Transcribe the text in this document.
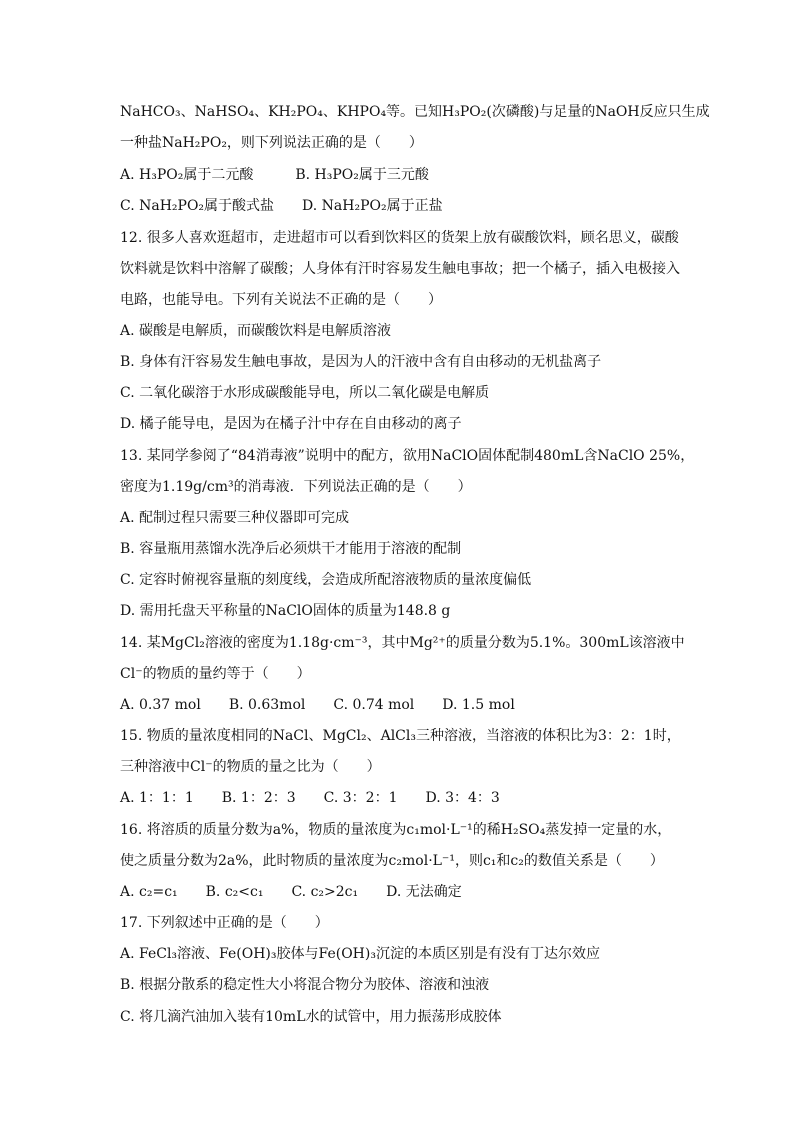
NaHCO₃、NaHSO₄、KH₂PO₄、KHPO₄等。已知H₃PO₂(次磷酸)与足量的NaOH反应只生成
一种盐NaH₂PO₂，则下列说法正确的是（　　）
A. H₃PO₂属于二元酸　　　B. H₃PO₂属于三元酸
C. NaH₂PO₂属于酸式盐　　D. NaH₂PO₂属于正盐
12. 很多人喜欢逛超市，走进超市可以看到饮料区的货架上放有碳酸饮料，顾名思义，碳酸
饮料就是饮料中溶解了碳酸；人身体有汗时容易发生触电事故；把一个橘子，插入电极接入
电路，也能导电。下列有关说法不正确的是（　　）
A. 碳酸是电解质，而碳酸饮料是电解质溶液
B. 身体有汗容易发生触电事故，是因为人的汗液中含有自由移动的无机盐离子
C. 二氧化碳溶于水形成碳酸能导电，所以二氧化碳是电解质
D. 橘子能导电，是因为在橘子汁中存在自由移动的离子
13. 某同学参阅了“84消毒液”说明中的配方，欲用NaClO固体配制480mL含NaClO 25%，
密度为1.19g/cm³的消毒液．下列说法正确的是（　　）
A. 配制过程只需要三种仪器即可完成
B. 容量瓶用蒸馏水洗净后必须烘干才能用于溶液的配制
C. 定容时俯视容量瓶的刻度线，会造成所配溶液物质的量浓度偏低
D. 需用托盘天平称量的NaClO固体的质量为148.8 g
14. 某MgCl₂溶液的密度为1.18g·cm⁻³，其中Mg²⁺的质量分数为5.1%。300mL该溶液中
Cl⁻的物质的量约等于（　　）
A. 0.37 mol　　B. 0.63mol　　C. 0.74 mol　　D. 1.5 mol
15. 物质的量浓度相同的NaCl、MgCl₂、AlCl₃三种溶液，当溶液的体积比为3：2：1时，
三种溶液中Cl⁻的物质的量之比为（　　）
A. 1：1：1　　B. 1：2：3　　C. 3：2：1　　D. 3：4：3
16. 将溶质的质量分数为a%，物质的量浓度为c₁mol·L⁻¹的稀H₂SO₄蒸发掉一定量的水，
使之质量分数为2a%，此时物质的量浓度为c₂mol·L⁻¹，则c₁和c₂的数值关系是（　　）
A. c₂=c₁　　B. c₂<c₁　　C. c₂>2c₁　　D. 无法确定
17. 下列叙述中正确的是（　　）
A. FeCl₃溶液、Fe(OH)₃胶体与Fe(OH)₃沉淀的本质区别是有没有丁达尔效应
B. 根据分散系的稳定性大小将混合物分为胶体、溶液和浊液
C. 将几滴汽油加入装有10mL水的试管中，用力振荡形成胶体
